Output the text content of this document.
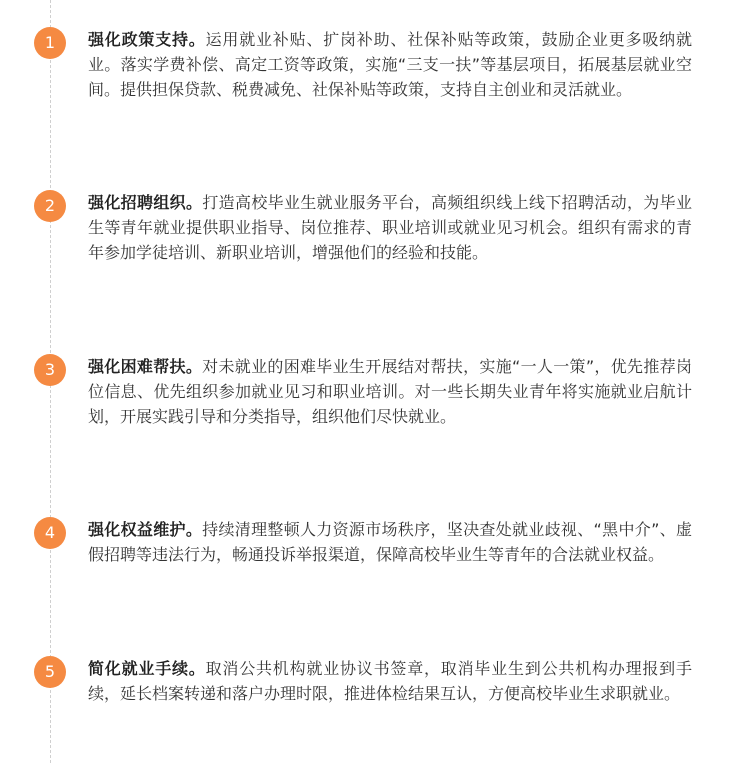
1	强化政策支持。运用就业补贴、扩岗补助、社保补贴等政策，鼓励企业更多吸纳就业。落实学费补偿、高定工资等政策，实施“三支一扶”等基层项目，拓展基层就业空间。提供担保贷款、税费减免、社保补贴等政策，支持自主创业和灵活就业。
2	强化招聘组织。打造高校毕业生就业服务平台，高频组织线上线下招聘活动，为毕业生等青年就业提供职业指导、岗位推荐、职业培训或就业见习机会。组织有需求的青年参加学徒培训、新职业培训，增强他们的经验和技能。
3	强化困难帮扶。对未就业的困难毕业生开展结对帮扶，实施“一人一策”，优先推荐岗位信息、优先组织参加就业见习和职业培训。对一些长期失业青年将实施就业启航计划，开展实践引导和分类指导，组织他们尽快就业。
4	强化权益维护。持续清理整顿人力资源市场秩序，坚决查处就业歧视、“黑中介”、虚假招聘等违法行为，畅通投诉举报渠道，保障高校毕业生等青年的合法就业权益。
5	简化就业手续。取消公共机构就业协议书签章，取消毕业生到公共机构办理报到手续，延长档案转递和落户办理时限，推进体检结果互认，方便高校毕业生求职就业。
